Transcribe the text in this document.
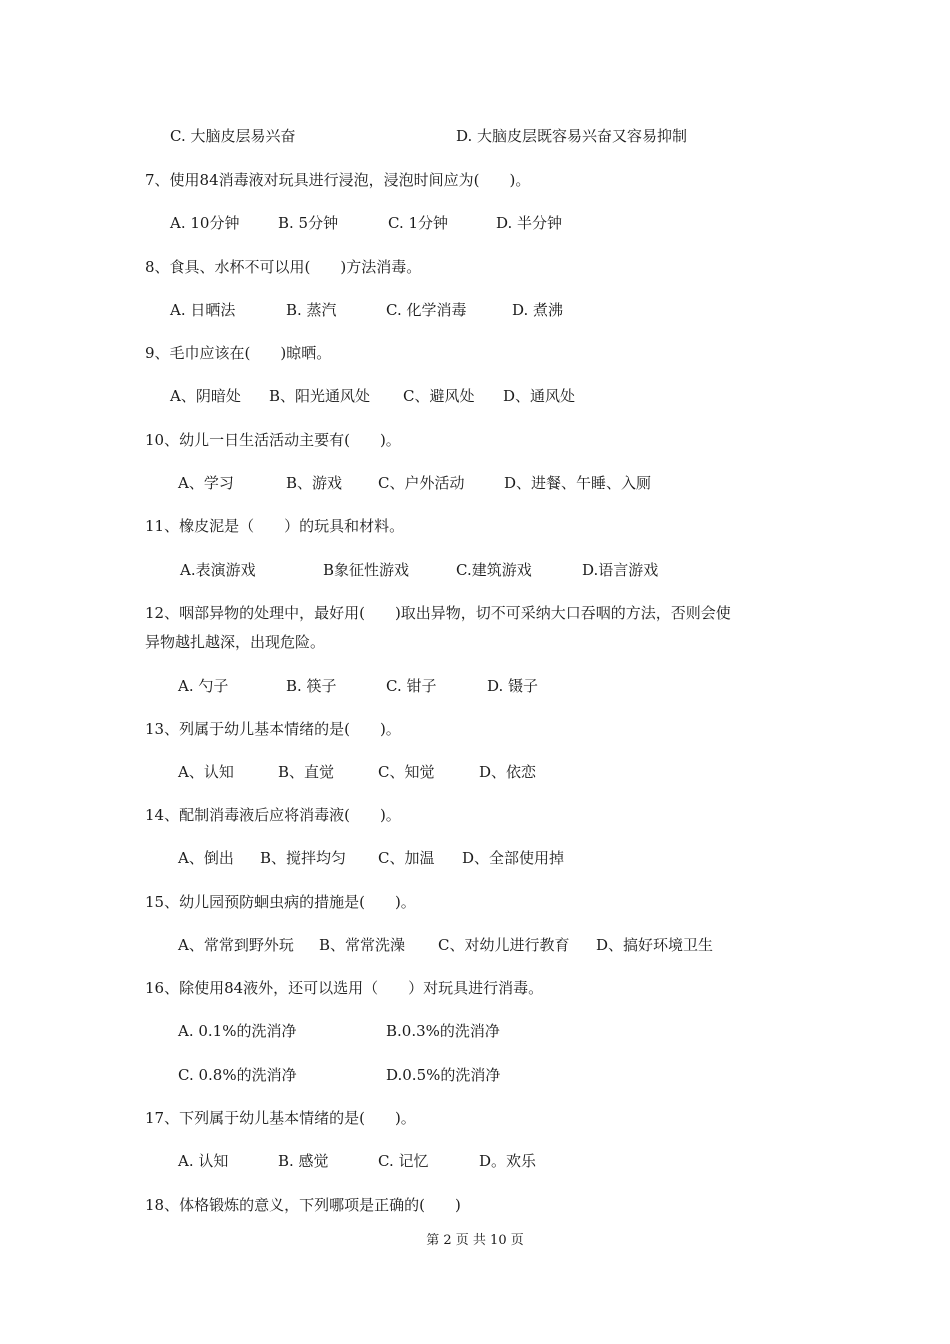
C. 大脑皮层易兴奋	D. 大脑皮层既容易兴奋又容易抑制
7、使用84消毒液对玩具进行浸泡，浸泡时间应为(　　)。
A. 10分钟	B. 5分钟	C. 1分钟	D. 半分钟
8、食具、水杯不可以用(　　)方法消毒。
A. 日晒法	B. 蒸汽	C. 化学消毒	D. 煮沸
9、毛巾应该在(　　)晾晒。
A、阴暗处 B、阳光通风处 C、避风处 D、通风处
10、幼儿一日生活活动主要有(　　)。
A、学习	B、游戏 C、户外活动	D、进餐、午睡、入厕
11、橡皮泥是（　　）的玩具和材料。
A.表演游戏	B象征性游戏	C.建筑游戏	D.语言游戏
12、咽部异物的处理中，最好用(　　)取出异物，切不可采纳大口吞咽的方法，否则会使
异物越扎越深，出现危险。
A. 勺子	B. 筷子	C. 钳子	D. 镊子
13、列属于幼儿基本情绪的是(　　)。
A、认知	B、直觉	C、知觉	D、依恋
14、配制消毒液后应将消毒液(　　)。
A、倒出 B、搅拌均匀 C、加温 D、全部使用掉
15、幼儿园预防蛔虫病的措施是(　　)。
A、常常到野外玩 B、常常洗澡 C、对幼儿进行教育 D、搞好环境卫生
16、除使用84液外，还可以选用（　　）对玩具进行消毒。
A. 0.1%的洗消净	B.0.3%的洗消净
C. 0.8%的洗消净	D.0.5%的洗消净
17、下列属于幼儿基本情绪的是(　　)。
A. 认知	B. 感觉	C. 记忆	D。欢乐
18、体格锻炼的意义，下列哪项是正确的(　　)
第 2 页 共 10 页
